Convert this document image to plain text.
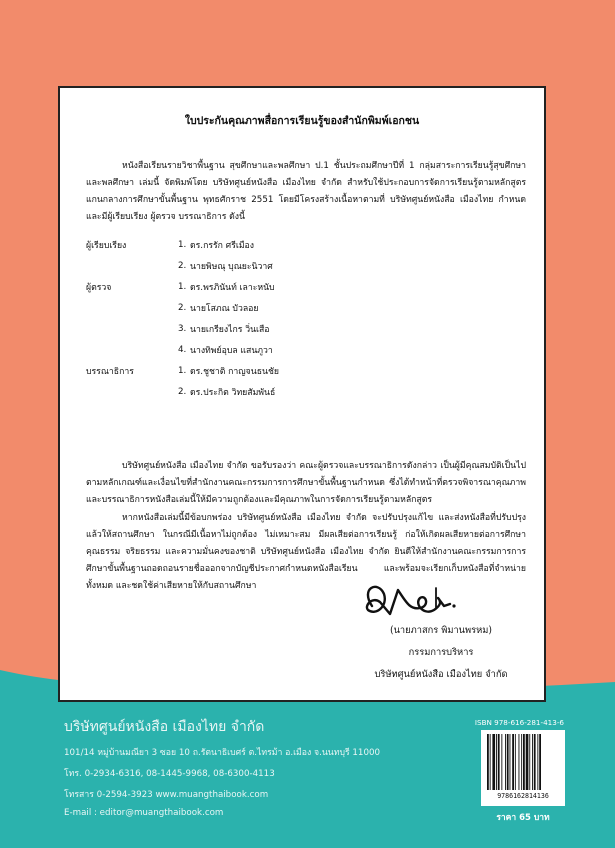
ใบประกันคุณภาพสื่อการเรียนรู้ของสำนักพิมพ์เอกชน
หนังสือเรียนรายวิชาพื้นฐาน สุขศึกษาและพลศึกษา ป.1 ชั้นประถมศึกษาปีที่ 1 กลุ่มสาระการเรียนรู้สุขศึกษาและพลศึกษา เล่มนี้ จัดพิมพ์โดย บริษัทศูนย์หนังสือ เมืองไทย จำกัด สำหรับใช้ประกอบการจัดการเรียนรู้ตามหลักสูตรแกนกลางการศึกษาขั้นพื้นฐาน พุทธศักราช 2551 โดยมีโครงสร้างเนื้อหาตามที่ บริษัทศูนย์หนังสือ เมืองไทย กำหนด และมีผู้เรียบเรียง ผู้ตรวจ บรรณาธิการ ดังนี้
ผู้เรียบเรียง	1. ดร.กรรัก ศรีเมือง
2. นายพิษณุ บุณยะนิวาศ
ผู้ตรวจ	1. ดร.พรภินันท์ เลาะหนับ
2. นายโสภณ บัวลอย
3. นายเกรียงไกร วิ่นเสือ
4. นางทิพย์อุบล แสนภูวา
บรรณาธิการ	1. ดร.ชูชาติ กาญจนธนชัย
2. ดร.ประกิต วิทยสัมพันธ์
บริษัทศูนย์หนังสือ เมืองไทย จำกัด ขอรับรองว่า คณะผู้ตรวจและบรรณาธิการดังกล่าว เป็นผู้มีคุณสมบัติเป็นไปตามหลักเกณฑ์และเงื่อนไขที่สำนักงานคณะกรรมการการศึกษาขั้นพื้นฐานกำหนด ซึ่งได้ทำหน้าที่ตรวจพิจารณาคุณภาพและบรรณาธิการหนังสือเล่มนี้ให้มีความถูกต้องและมีคุณภาพในการจัดการเรียนรู้ตามหลักสูตร
หากหนังสือเล่มนี้มีข้อบกพร่อง บริษัทศูนย์หนังสือ เมืองไทย จำกัด จะปรับปรุงแก้ไข และส่งหนังสือที่ปรับปรุงแล้วให้สถานศึกษา ในกรณีมีเนื้อหาไม่ถูกต้อง ไม่เหมาะสม มีผลเสียต่อการเรียนรู้ ก่อให้เกิดผลเสียหายต่อการศึกษา คุณธรรม จริยธรรม และความมั่นคงของชาติ บริษัทศูนย์หนังสือ เมืองไทย จำกัด ยินดีให้สำนักงานคณะกรรมการการศึกษาขั้นพื้นฐานถอดถอนรายชื่อออกจากบัญชีประกาศกำหนดหนังสือเรียน และพร้อมจะเรียกเก็บหนังสือที่จำหน่ายทั้งหมด และชดใช้ค่าเสียหายให้กับสถานศึกษา
(นายภาสกร พิมานพรหม)
กรรมการบริหาร
บริษัทศูนย์หนังสือ เมืองไทย จำกัด
บริษัทศูนย์หนังสือ เมืองไทย จำกัด
101/14 หมู่บ้านมณียา 3 ซอย 10 ถ.รัตนาธิเบศร์ ต.ไทรม้า อ.เมือง จ.นนทบุรี 11000
โทร. 0-2934-6316, 08-1445-9968, 08-6300-4113
โทรสาร 0-2594-3923 www.muangthaibook.com
E-mail : editor@muangthaibook.com
ISBN 978-616-281-413-6
9786162814136
ราคา 65 บาท
